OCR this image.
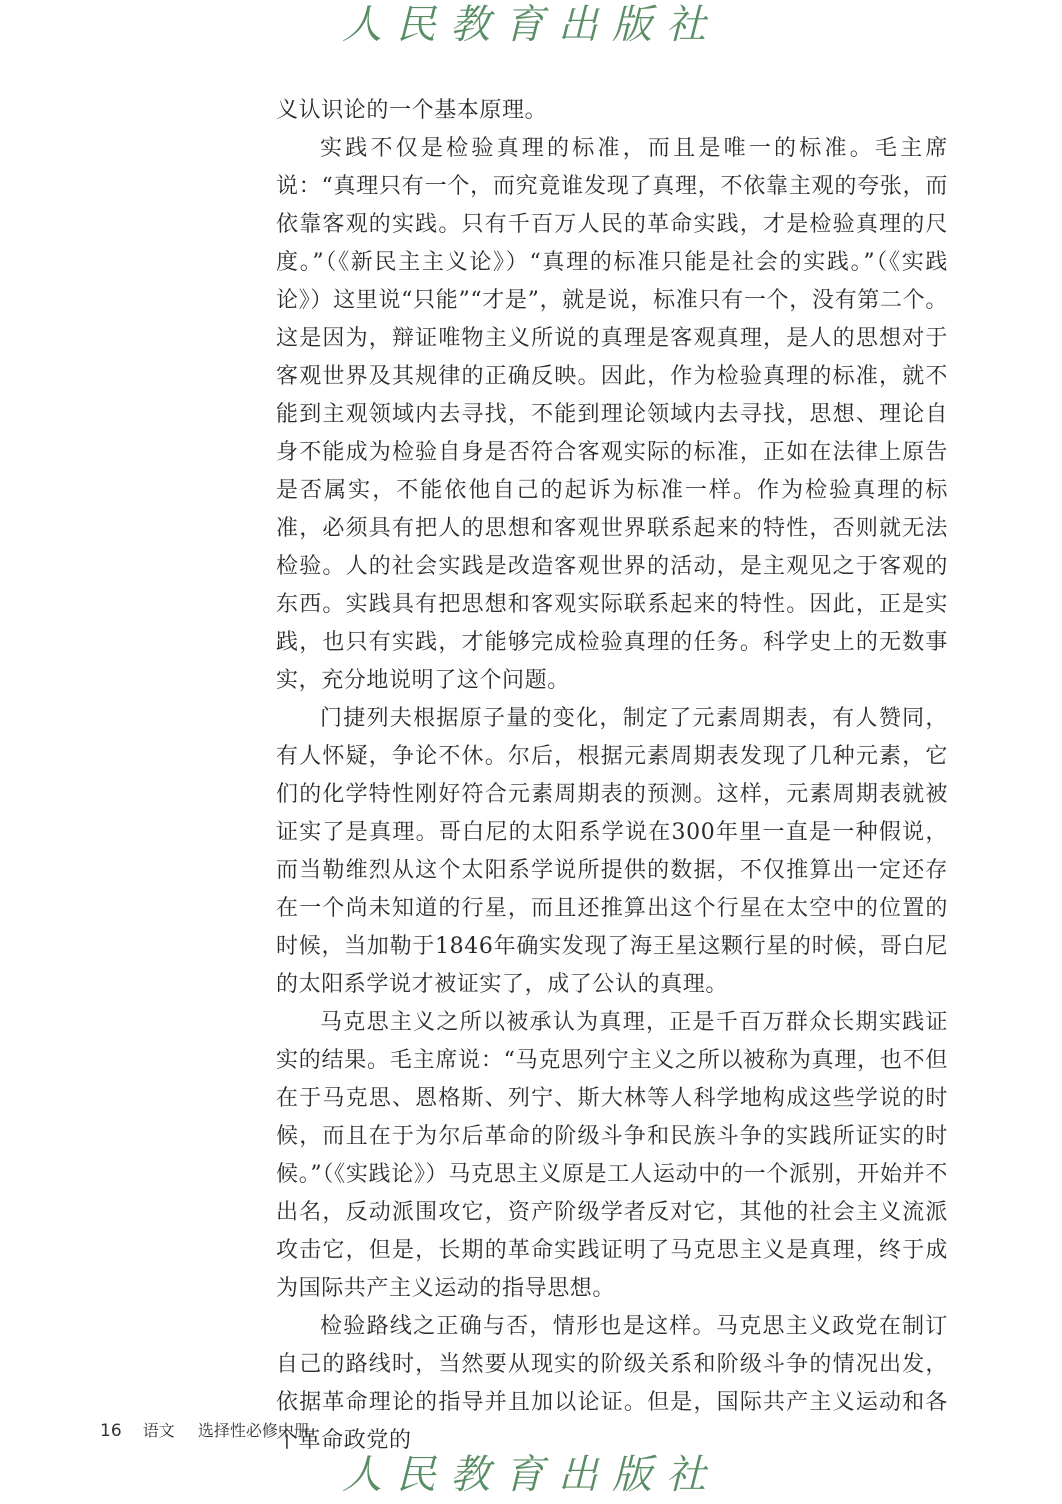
人民教育出版社

义认识论的一个基本原理。

实践不仅是检验真理的标准，而且是唯一的标准。毛主席说：“真理只有一个，而究竟谁发现了真理，不依靠主观的夸张，而依靠客观的实践。只有千百万人民的革命实践，才是检验真理的尺度。”（《新民主主义论》）“真理的标准只能是社会的实践。”（《实践论》）这里说“只能”“才是”，就是说，标准只有一个，没有第二个。这是因为，辩证唯物主义所说的真理是客观真理，是人的思想对于客观世界及其规律的正确反映。因此，作为检验真理的标准，就不能到主观领域内去寻找，不能到理论领域内去寻找，思想、理论自身不能成为检验自身是否符合客观实际的标准，正如在法律上原告是否属实，不能依他自己的起诉为标准一样。作为检验真理的标准，必须具有把人的思想和客观世界联系起来的特性，否则就无法检验。人的社会实践是改造客观世界的活动，是主观见之于客观的东西。实践具有把思想和客观实际联系起来的特性。因此，正是实践，也只有实践，才能够完成检验真理的任务。科学史上的无数事实，充分地说明了这个问题。

门捷列夫根据原子量的变化，制定了元素周期表，有人赞同，有人怀疑，争论不休。尔后，根据元素周期表发现了几种元素，它们的化学特性刚好符合元素周期表的预测。这样，元素周期表就被证实了是真理。哥白尼的太阳系学说在300年里一直是一种假说，而当勒维烈从这个太阳系学说所提供的数据，不仅推算出一定还存在一个尚未知道的行星，而且还推算出这个行星在太空中的位置的时候，当加勒于1846年确实发现了海王星这颗行星的时候，哥白尼的太阳系学说才被证实了，成了公认的真理。

马克思主义之所以被承认为真理，正是千百万群众长期实践证实的结果。毛主席说：“马克思列宁主义之所以被称为真理，也不但在于马克思、恩格斯、列宁、斯大林等人科学地构成这些学说的时候，而且在于为尔后革命的阶级斗争和民族斗争的实践所证实的时候。”（《实践论》）马克思主义原是工人运动中的一个派别，开始并不出名，反动派围攻它，资产阶级学者反对它，其他的社会主义流派攻击它，但是，长期的革命实践证明了马克思主义是真理，终于成为国际共产主义运动的指导思想。

检验路线之正确与否，情形也是这样。马克思主义政党在制订自己的路线时，当然要从现实的阶级关系和阶级斗争的情况出发，依据革命理论的指导并且加以论证。但是，国际共产主义运动和各个革命政党的

16 语文 选择性必修中册
人民教育出版社
